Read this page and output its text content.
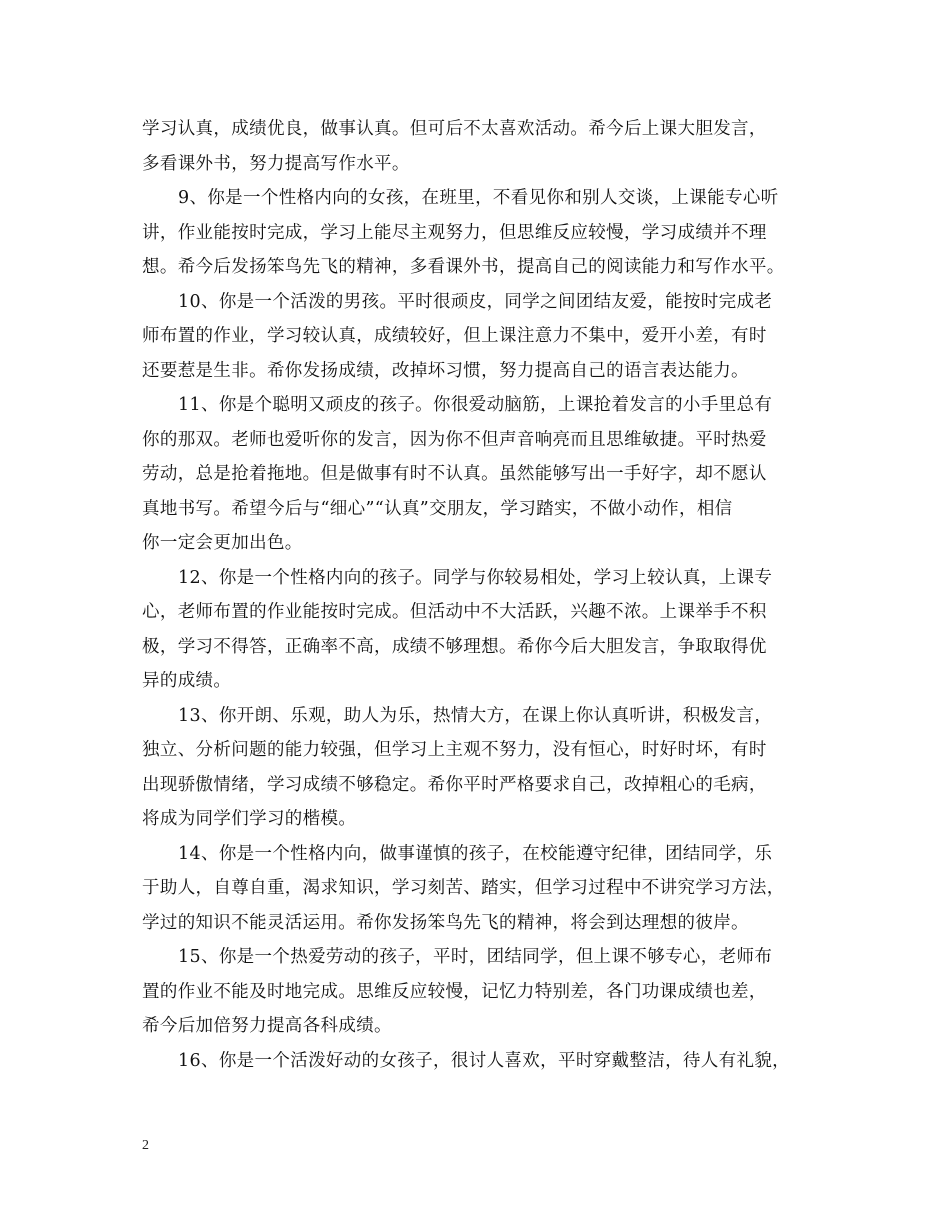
学习认真，成绩优良，做事认真。但可后不太喜欢活动。希今后上课大胆发言，
多看课外书，努力提高写作水平。
9、你是一个性格内向的女孩，在班里，不看见你和别人交谈，上课能专心听
讲，作业能按时完成，学习上能尽主观努力，但思维反应较慢，学习成绩并不理
想。希今后发扬笨鸟先飞的精神，多看课外书，提高自己的阅读能力和写作水平。
10、你是一个活泼的男孩。平时很顽皮，同学之间团结友爱，能按时完成老
师布置的作业，学习较认真，成绩较好，但上课注意力不集中，爱开小差，有时
还要惹是生非。希你发扬成绩，改掉坏习惯，努力提高自己的语言表达能力。
11、你是个聪明又顽皮的孩子。你很爱动脑筋，上课抢着发言的小手里总有
你的那双。老师也爱听你的发言，因为你不但声音响亮而且思维敏捷。平时热爱
劳动，总是抢着拖地。但是做事有时不认真。虽然能够写出一手好字，却不愿认
真地书写。希望今后与“细心”“认真”交朋友，学习踏实，不做小动作，相信
你一定会更加出色。
12、你是一个性格内向的孩子。同学与你较易相处，学习上较认真，上课专
心，老师布置的作业能按时完成。但活动中不大活跃，兴趣不浓。上课举手不积
极，学习不得答，正确率不高，成绩不够理想。希你今后大胆发言，争取取得优
异的成绩。
13、你开朗、乐观，助人为乐，热情大方，在课上你认真听讲，积极发言，
独立、分析问题的能力较强，但学习上主观不努力，没有恒心，时好时坏，有时
出现骄傲情绪，学习成绩不够稳定。希你平时严格要求自己，改掉粗心的毛病，
将成为同学们学习的楷模。
14、你是一个性格内向，做事谨慎的孩子，在校能遵守纪律，团结同学，乐
于助人，自尊自重，渴求知识，学习刻苦、踏实，但学习过程中不讲究学习方法，
学过的知识不能灵活运用。希你发扬笨鸟先飞的精神，将会到达理想的彼岸。
15、你是一个热爱劳动的孩子，平时，团结同学，但上课不够专心，老师布
置的作业不能及时地完成。思维反应较慢，记忆力特别差，各门功课成绩也差，
希今后加倍努力提高各科成绩。
16、你是一个活泼好动的女孩子，很讨人喜欢，平时穿戴整洁，待人有礼貌，
2
